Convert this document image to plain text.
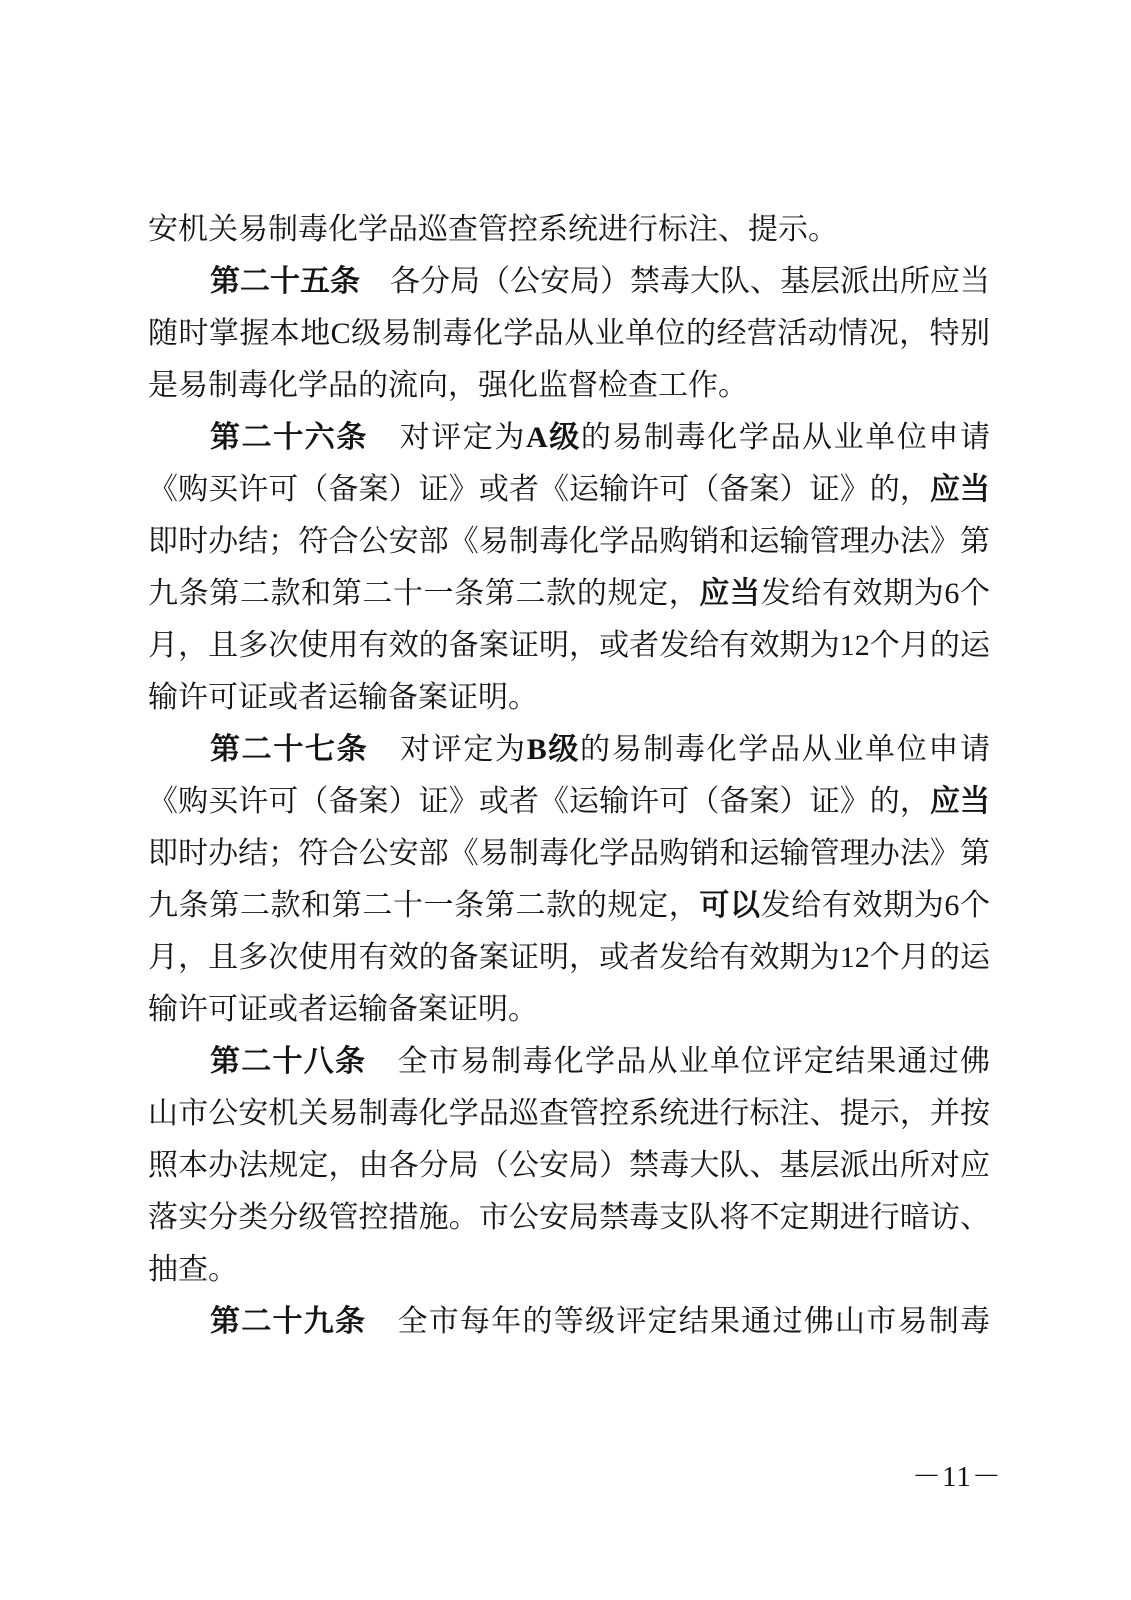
安机关易制毒化学品巡查管控系统进行标注、提示。
第二十五条　各分局（公安局）禁毒大队、基层派出所应当
随时掌握本地C级易制毒化学品从业单位的经营活动情况，特别
是易制毒化学品的流向，强化监督检查工作。
第二十六条　对评定为A级的易制毒化学品从业单位申请
《购买许可（备案）证》或者《运输许可（备案）证》的，应当
即时办结；符合公安部《易制毒化学品购销和运输管理办法》第
九条第二款和第二十一条第二款的规定，应当发给有效期为6个
月，且多次使用有效的备案证明，或者发给有效期为12个月的运
输许可证或者运输备案证明。
第二十七条　对评定为B级的易制毒化学品从业单位申请
《购买许可（备案）证》或者《运输许可（备案）证》的，应当
即时办结；符合公安部《易制毒化学品购销和运输管理办法》第
九条第二款和第二十一条第二款的规定，可以发给有效期为6个
月，且多次使用有效的备案证明，或者发给有效期为12个月的运
输许可证或者运输备案证明。
第二十八条　全市易制毒化学品从业单位评定结果通过佛
山市公安机关易制毒化学品巡查管控系统进行标注、提示，并按
照本办法规定，由各分局（公安局）禁毒大队、基层派出所对应
落实分类分级管控措施。市公安局禁毒支队将不定期进行暗访、
抽查。
第二十九条　全市每年的等级评定结果通过佛山市易制毒
－11－
